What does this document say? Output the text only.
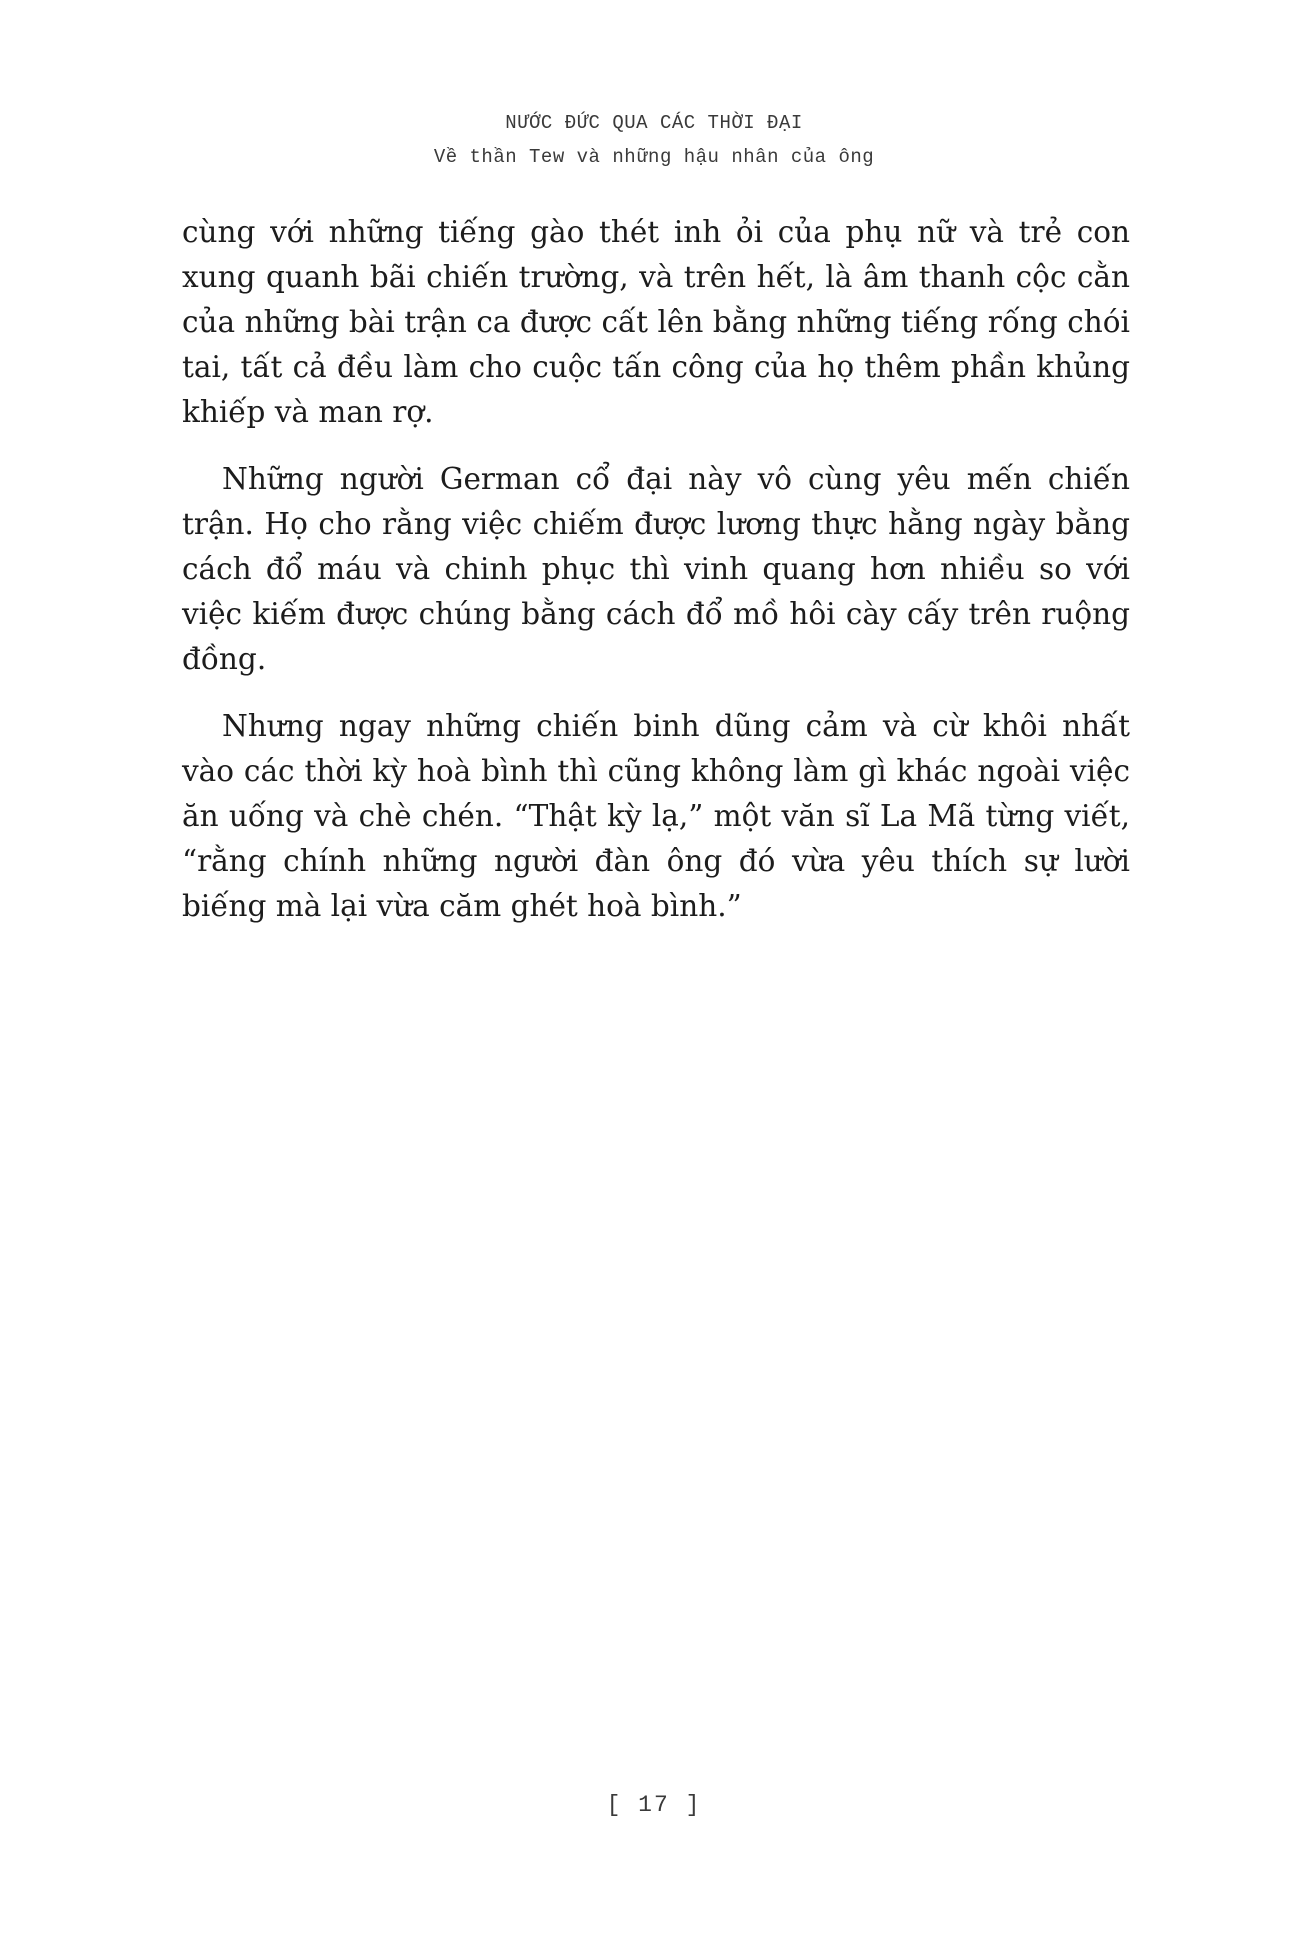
NƯỚC ĐỨC QUA CÁC THỜI ĐẠI
Về thần Tew và những hậu nhân của ông

cùng với những tiếng gào thét inh ỏi của phụ nữ và trẻ con xung quanh bãi chiến trường, và trên hết, là âm thanh cộc cằn của những bài trận ca được cất lên bằng những tiếng rống chói tai, tất cả đều làm cho cuộc tấn công của họ thêm phần khủng khiếp và man rợ.

Những người German cổ đại này vô cùng yêu mến chiến trận. Họ cho rằng việc chiếm được lương thực hằng ngày bằng cách đổ máu và chinh phục thì vinh quang hơn nhiều so với việc kiếm được chúng bằng cách đổ mồ hôi cày cấy trên ruộng đồng.

Nhưng ngay những chiến binh dũng cảm và cừ khôi nhất vào các thời kỳ hoà bình thì cũng không làm gì khác ngoài việc ăn uống và chè chén. “Thật kỳ lạ,” một văn sĩ La Mã từng viết, “rằng chính những người đàn ông đó vừa yêu thích sự lười biếng mà lại vừa căm ghét hoà bình.”

[ 17 ]
